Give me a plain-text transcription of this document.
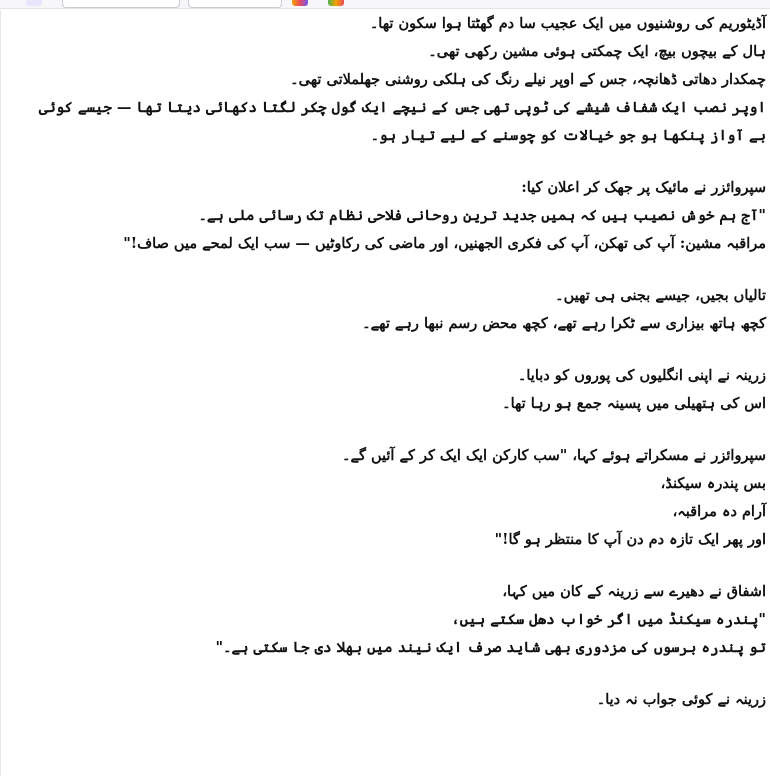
آڈیٹوریم کی روشنیوں میں ایک عجیب سا دم گھٹتا ہوا سکون تھا۔
ہال کے بیچوں بیچ، ایک چمکتی ہوئی مشین رکھی تھی۔
چمکدار دھاتی ڈھانچہ، جس کے اوپر نیلے رنگ کی ہلکی روشنی جھلملاتی تھی۔
اوپر نصب ایک شفاف شیشے کی ٹوپی تھی جس کے نیچے ایک گول چکر لگتا دکھائی دیتا تھا — جیسے کوئی بے آواز پنکھا ہو جو خیالات کو چوسنے کے لیے تیار ہو۔

سپروائزر نے مائیک پر جھک کر اعلان کیا:
"آج ہم خوش نصیب ہیں کہ ہمیں جدید ترین روحانی فلاحی نظام تک رسائی ملی ہے۔
مراقبہ مشین: آپ کی تھکن، آپ کی فکری الجھنیں، اور ماضی کی رکاوٹیں — سب ایک لمحے میں صاف!"

تالیاں بجیں، جیسے بجنی ہی تھیں۔
کچھ ہاتھ بیزاری سے ٹکرا رہے تھے، کچھ محض رسم نبھا رہے تھے۔

زرینہ نے اپنی انگلیوں کی پوروں کو دبایا۔
اس کی ہتھیلی میں پسینہ جمع ہو رہا تھا۔

سپروائزر نے مسکراتے ہوئے کہا، "سب کارکن ایک ایک کر کے آئیں گے۔
بس پندرہ سیکنڈ،
آرام دہ مراقبہ،
اور پھر ایک تازہ دم دن آپ کا منتظر ہو گا!"

اشفاق نے دھیرے سے زرینہ کے کان میں کہا،
"پندرہ سیکنڈ میں اگر خواب دھل سکتے ہیں،
تو پندرہ برسوں کی مزدوری بھی شاید صرف ایک نیند میں بھلا دی جا سکتی ہے۔"

زرینہ نے کوئی جواب نہ دیا۔
